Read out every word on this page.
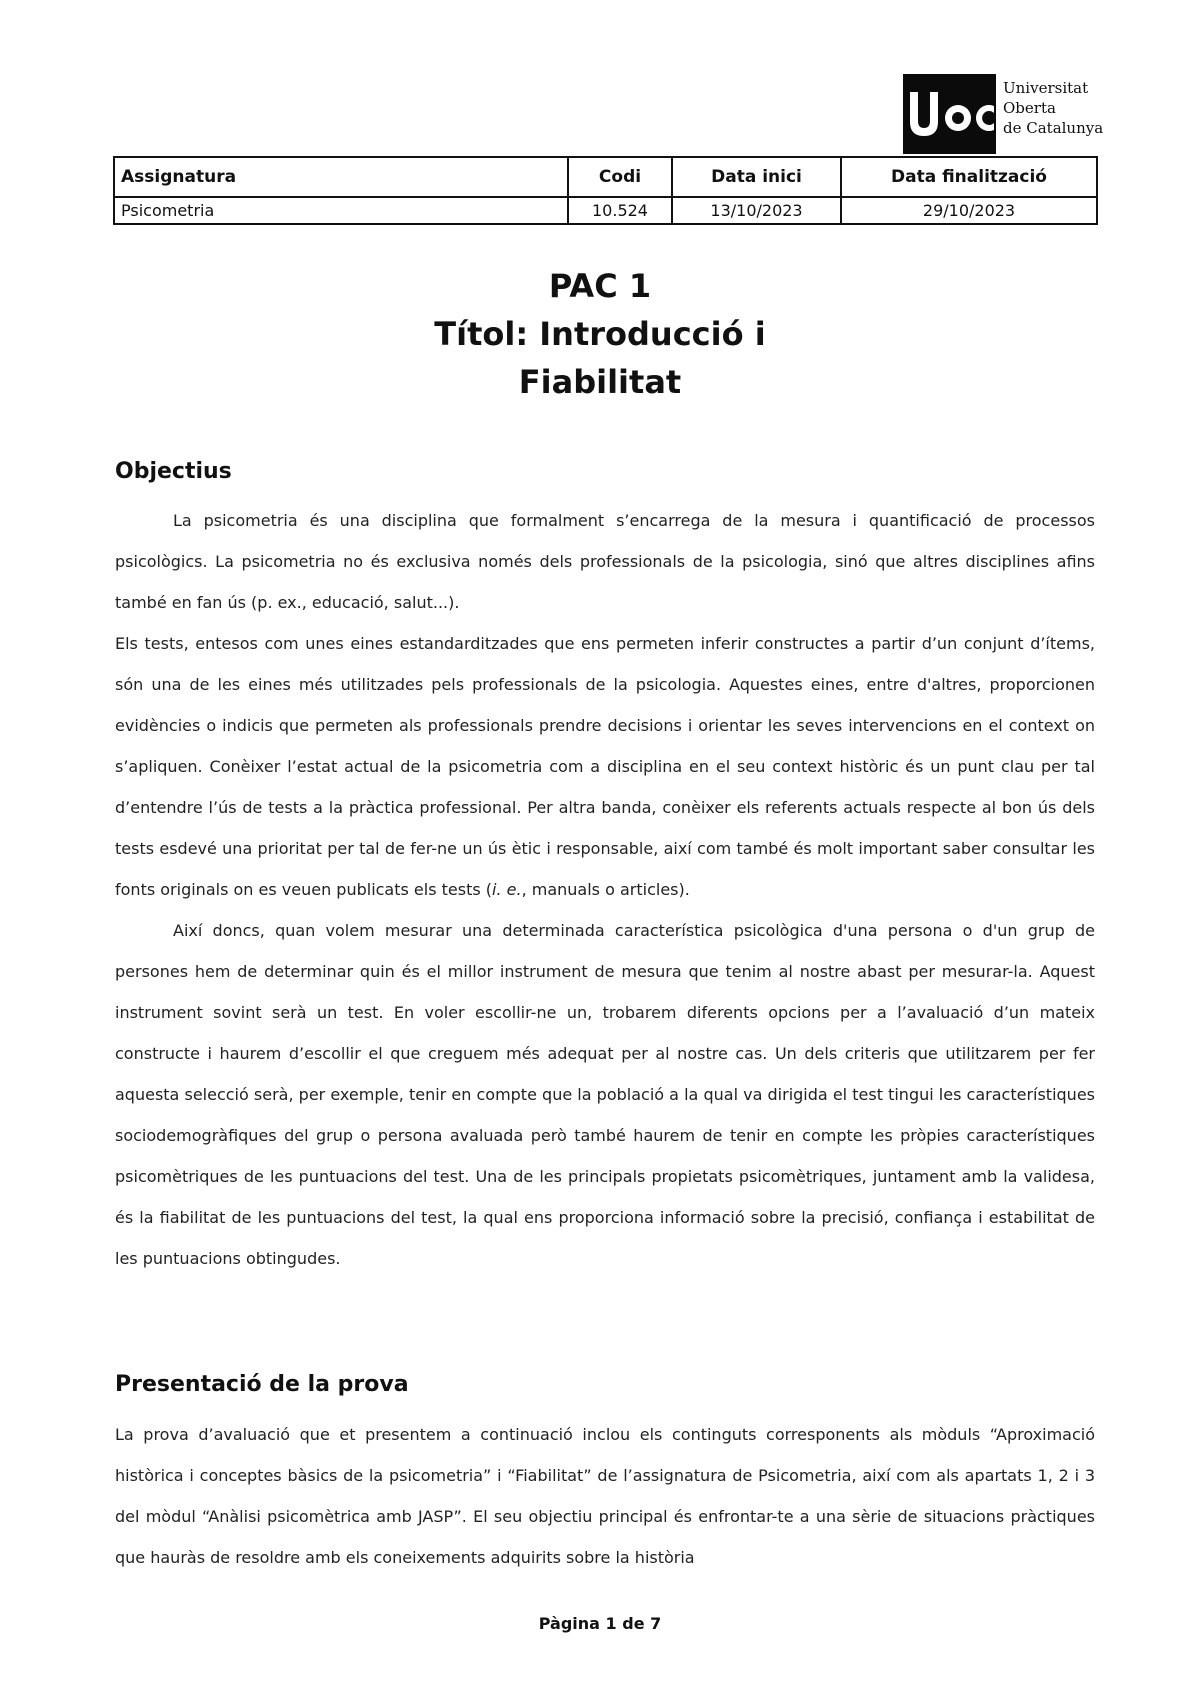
Universitat
Oberta
de Catalunya
Assignatura	Codi	Data inici	Data finalització
Psicometria	10.524	13/10/2023	29/10/2023
PAC 1
Títol: Introducció i
Fiabilitat
Objectius

La psicometria és una disciplina que formalment s’encarrega de la mesura i quantificació de processos psicològics. La psicometria no és exclusiva només dels professionals de la psicologia, sinó que altres disciplines afins també en fan ús (p. ex., educació, salut...).

Els tests, entesos com unes eines estandarditzades que ens permeten inferir constructes a partir d’un conjunt d’ítems, són una de les eines més utilitzades pels professionals de la psicologia. Aquestes eines, entre d'altres, proporcionen evidències o indicis que permeten als professionals prendre decisions i orientar les seves intervencions en el context on s’apliquen. Conèixer l’estat actual de la psicometria com a disciplina en el seu context històric és un punt clau per tal d’entendre l’ús de tests a la pràctica professional. Per altra banda, conèixer els referents actuals respecte al bon ús dels tests esdevé una prioritat per tal de fer-ne un ús ètic i responsable, així com també és molt important saber consultar les fonts originals on es veuen publicats els tests (i. e., manuals o articles).

Així doncs, quan volem mesurar una determinada característica psicològica d'una persona o d'un grup de persones hem de determinar quin és el millor instrument de mesura que tenim al nostre abast per mesurar-la. Aquest instrument sovint serà un test. En voler escollir-ne un, trobarem diferents opcions per a l’avaluació d’un mateix constructe i haurem d’escollir el que creguem més adequat per al nostre cas. Un dels criteris que utilitzarem per fer aquesta selecció serà, per exemple, tenir en compte que la població a la qual va dirigida el test tingui les característiques sociodemogràfiques del grup o persona avaluada però també haurem de tenir en compte les pròpies característiques psicomètriques de les puntuacions del test. Una de les principals propietats psicomètriques, juntament amb la validesa, és la fiabilitat de les puntuacions del test, la qual ens proporciona informació sobre la precisió, confiança i estabilitat de les puntuacions obtingudes.

Presentació de la prova

La prova d’avaluació que et presentem a continuació inclou els continguts corresponents als mòduls “Aproximació històrica i conceptes bàsics de la psicometria” i “Fiabilitat” de l’assignatura de Psicometria, així com als apartats 1, 2 i 3 del mòdul “Anàlisi psicomètrica amb JASP”. El seu objectiu principal és enfrontar-te a una sèrie de situacions pràctiques que hauràs de resoldre amb els coneixements adquirits sobre la història

Pàgina 1 de 7
